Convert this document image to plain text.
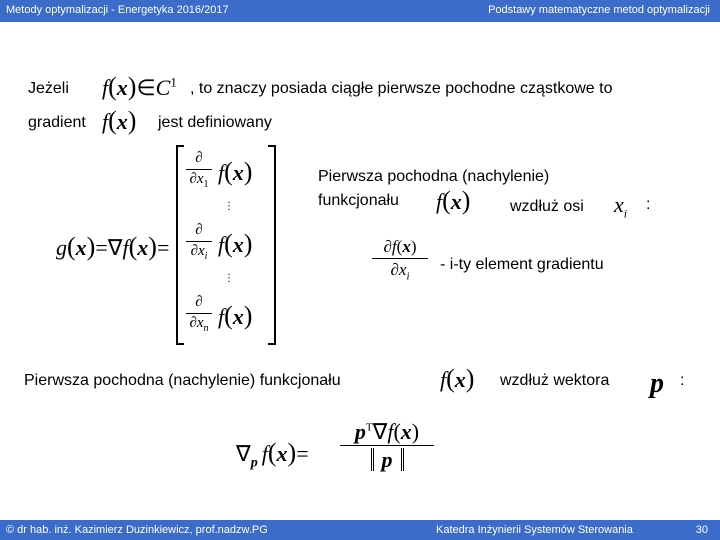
Metody optymalizacji - Energetyka 2016/2017	Podstawy matematyczne metod optymalizacji
Jeżeli $f(x)\in C^1$ , to znaczy posiada ciągłe pierwsze pochodne cząstkowe to
gradient f(x) jest definiowany
g(x)=∇f(x)=
∂
$\partial x_1$ f(x)
⋮
∂
$\partial x_i$ f(x)
⋮
∂
$\partial x_n$ f(x)
Pierwsza pochodna (nachylenie)
funkcjonału f(x) wzdłuż osi $x_i$
:
∂f(x)
$\partial x_i$
- i-ty element gradientu
Pierwsza pochodna (nachylenie) funkcjonału	f(x) wzdłuż wektora p :
$\nabla_p$ f(x)=
$p^T\nabla f(x)$
p
© dr hab. inż. Kazimierz Duzinkiewicz, prof.nadzw.PG	Katedra Inżynierii Systemów Sterowania	30
